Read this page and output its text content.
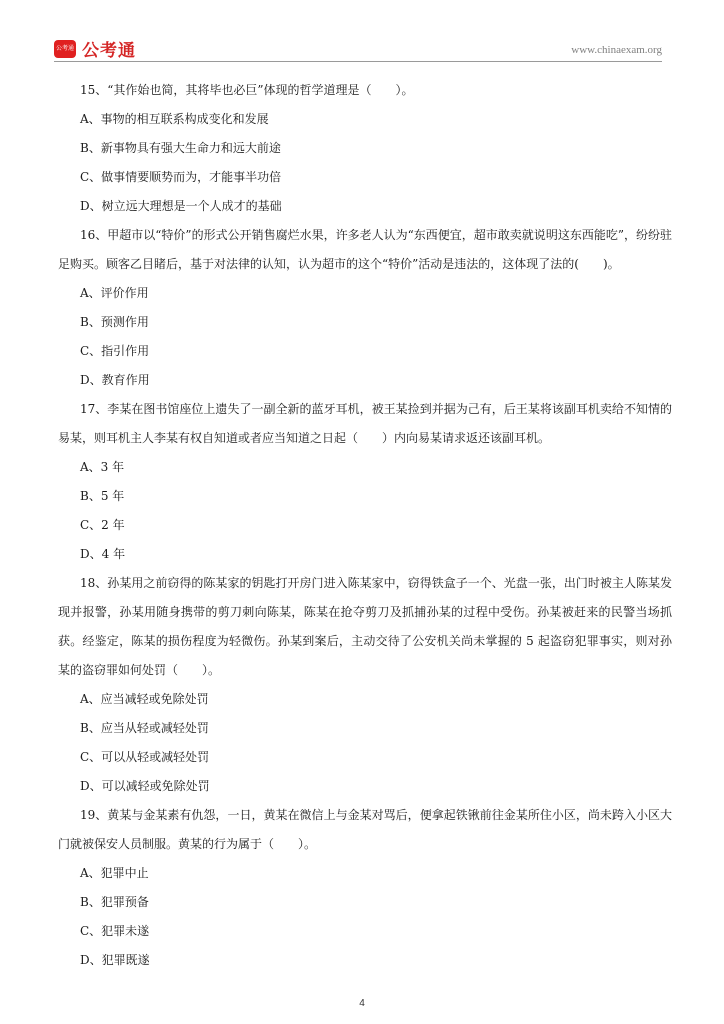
公考通 公考通	www.chinaexam.org

15、“其作始也简，其将毕也必巨”体现的哲学道理是（　　）。

A、事物的相互联系构成变化和发展

B、新事物具有强大生命力和远大前途

C、做事情要顺势而为，才能事半功倍

D、树立远大理想是一个人成才的基础

16、甲超市以“特价”的形式公开销售腐烂水果，许多老人认为“东西便宜，超市敢卖就说明这东西能吃”，纷纷驻足购买。顾客乙目睹后，基于对法律的认知，认为超市的这个“特价”活动是违法的，这体现了法的(　　)。

A、评价作用

B、预测作用

C、指引作用

D、教育作用

17、李某在图书馆座位上遗失了一副全新的蓝牙耳机，被王某捡到并据为己有，后王某将该副耳机卖给不知情的易某，则耳机主人李某有权自知道或者应当知道之日起（　　）内向易某请求返还该副耳机。

A、3 年

B、5 年

C、2 年

D、4 年

18、孙某用之前窃得的陈某家的钥匙打开房门进入陈某家中，窃得铁盒子一个、光盘一张，出门时被主人陈某发现并报警，孙某用随身携带的剪刀刺向陈某，陈某在抢夺剪刀及抓捕孙某的过程中受伤。孙某被赶来的民警当场抓获。经鉴定，陈某的损伤程度为轻微伤。孙某到案后，主动交待了公安机关尚未掌握的 5 起盗窃犯罪事实，则对孙某的盗窃罪如何处罚（　　）。

A、应当减轻或免除处罚

B、应当从轻或减轻处罚

C、可以从轻或减轻处罚

D、可以减轻或免除处罚

19、黄某与金某素有仇怨，一日，黄某在微信上与金某对骂后，便拿起铁锹前往金某所住小区，尚未跨入小区大门就被保安人员制服。黄某的行为属于（　　）。

A、犯罪中止

B、犯罪预备

C、犯罪未遂

D、犯罪既遂

4
